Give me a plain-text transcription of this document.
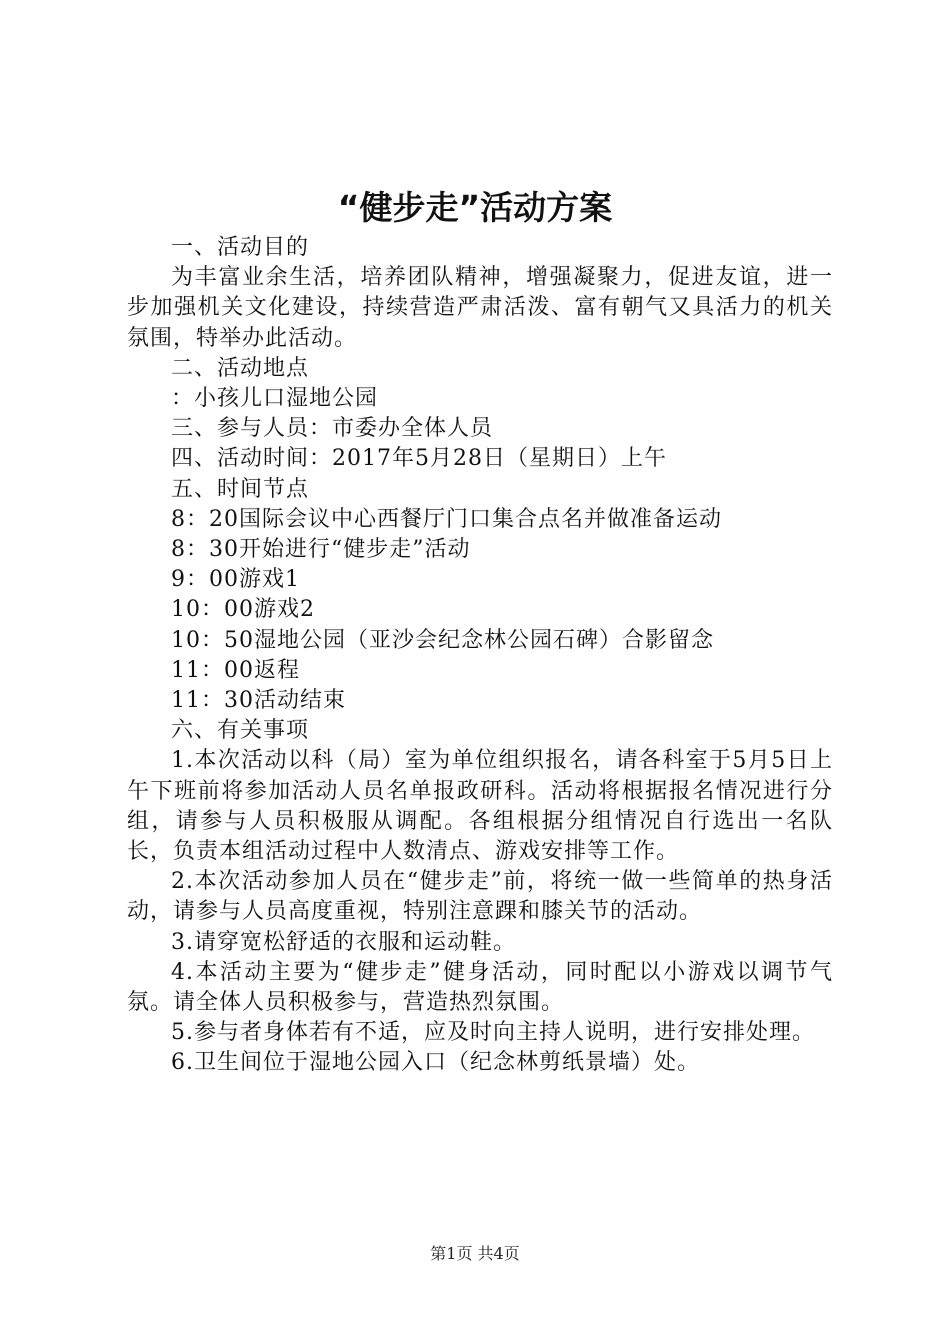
“健步走”活动方案

一、活动目的

为丰富业余生活，培养团队精神，增强凝聚力，促进友谊，进一步加强机关文化建设，持续营造严肃活泼、富有朝气又具活力的机关氛围，特举办此活动。

二、活动地点

：小孩儿口湿地公园

三、参与人员：市委办全体人员

四、活动时间：2017年5月28日（星期日）上午

五、时间节点

8：20国际会议中心西餐厅门口集合点名并做准备运动

8：30开始进行“健步走”活动

9：00游戏1

10：00游戏2

10：50湿地公园（亚沙会纪念林公园石碑）合影留念

11：00返程

11：30活动结束

六、有关事项

1.本次活动以科（局）室为单位组织报名，请各科室于5月5日上午下班前将参加活动人员名单报政研科。活动将根据报名情况进行分组，请参与人员积极服从调配。各组根据分组情况自行选出一名队长，负责本组活动过程中人数清点、游戏安排等工作。

2.本次活动参加人员在“健步走”前，将统一做一些简单的热身活动，请参与人员高度重视，特别注意踝和膝关节的活动。

3.请穿宽松舒适的衣服和运动鞋。

4.本活动主要为“健步走”健身活动，同时配以小游戏以调节气氛。请全体人员积极参与，营造热烈氛围。

5.参与者身体若有不适，应及时向主持人说明，进行安排处理。

6.卫生间位于湿地公园入口（纪念林剪纸景墙）处。

第1页 共4页
